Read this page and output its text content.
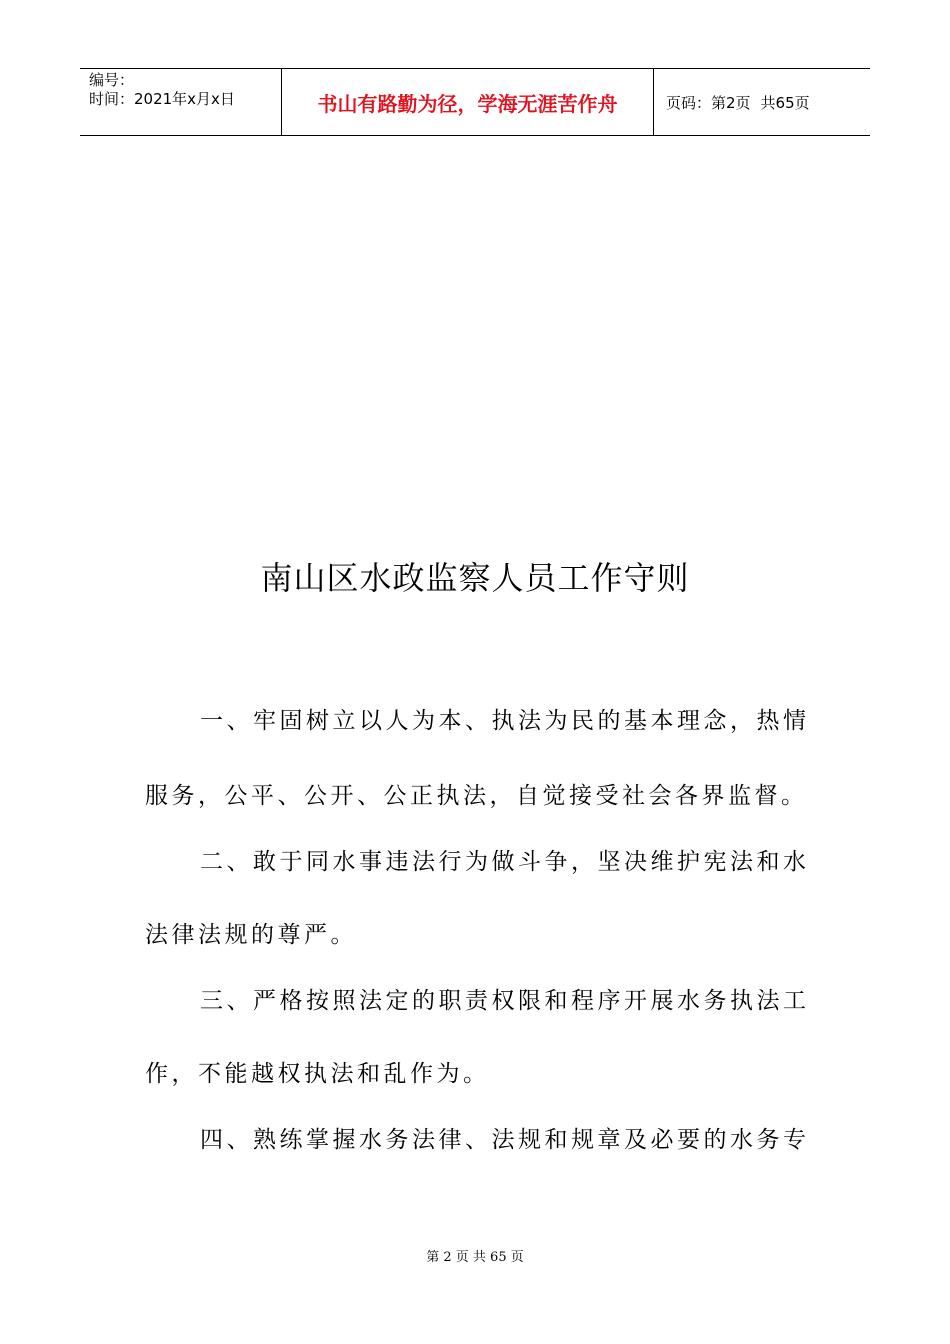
编号：
时间：2021年x月x日	书山有路勤为径，学海无涯苦作舟	页码：第2页 共65页
南山区水政监察人员工作守则
一、牢固树立以人为本、执法为民的基本理念，热情
服务，公平、公开、公正执法，自觉接受社会各界监督。
二、敢于同水事违法行为做斗争，坚决维护宪法和水
法律法规的尊严。
三、严格按照法定的职责权限和程序开展水务执法工
作，不能越权执法和乱作为。
四、熟练掌握水务法律、法规和规章及必要的水务专
第 2 页 共 65 页
